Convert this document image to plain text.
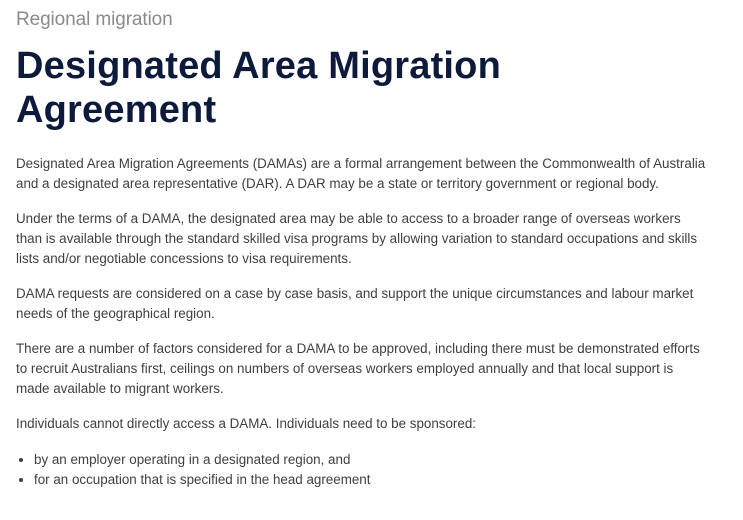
Regional migration
Designated Area Migration
Agreement

Designated Area Migration Agreements (DAMAs) are a formal arrangement between the Commonwealth of Australia and a designated area representative (DAR). A DAR may be a state or territory government or regional body.

Under the terms of a DAMA, the designated area may be able to access to a broader range of overseas workers than is available through the standard skilled visa programs by allowing variation to standard occupations and skills lists and/or negotiable concessions to visa requirements.

DAMA requests are considered on a case by case basis, and support the unique circumstances and labour market needs of the geographical region.

There are a number of factors considered for a DAMA to be approved, including there must be demonstrated efforts to recruit Australians first, ceilings on numbers of overseas workers employed annually and that local support is made available to migrant workers.

Individuals cannot directly access a DAMA. Individuals need to be sponsored:

• by an employer operating in a designated region, and
• for an occupation that is specified in the head agreement
